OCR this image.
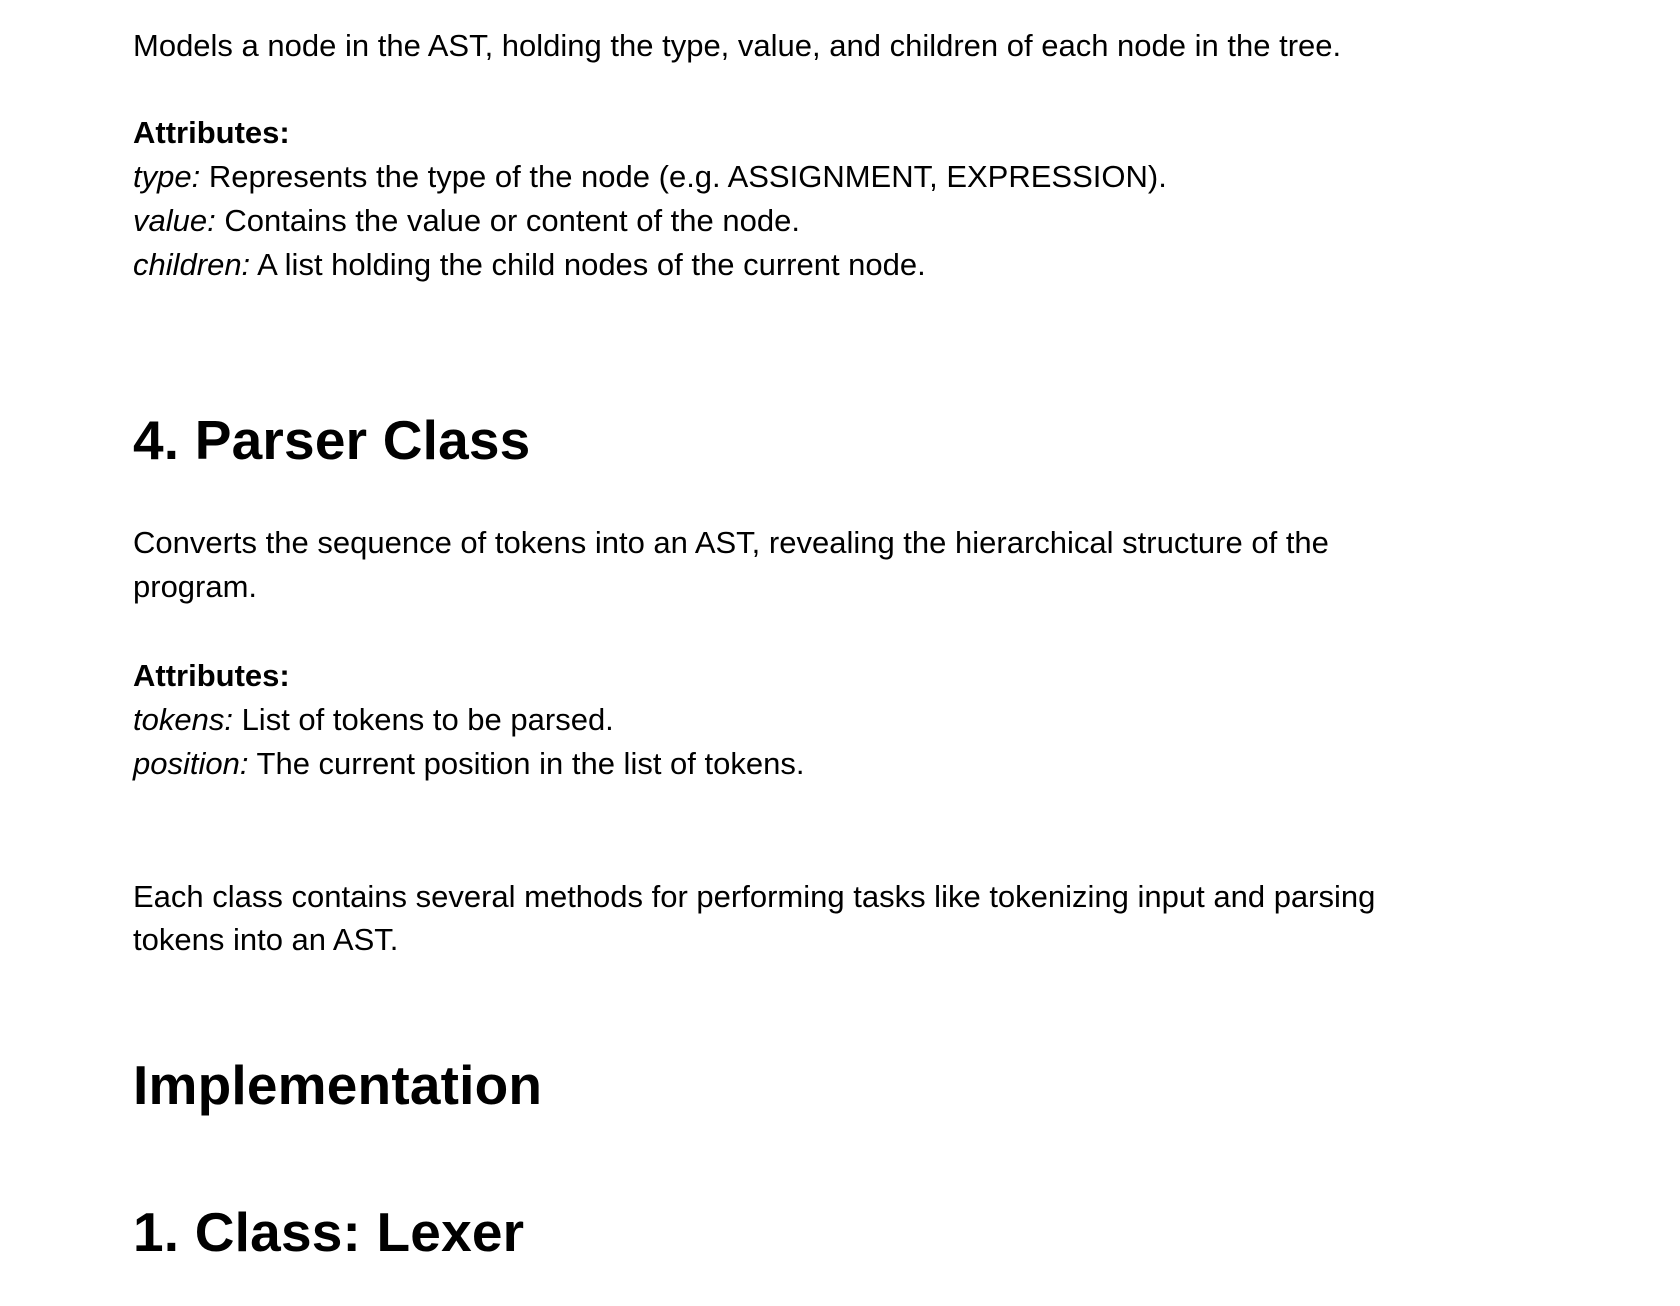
Models a node in the AST, holding the type, value, and children of each node in the tree.

Attributes:

type: Represents the type of the node (e.g. ASSIGNMENT, EXPRESSION).

value: Contains the value or content of the node.

children: A list holding the child nodes of the current node.

4. Parser Class

Converts the sequence of tokens into an AST, revealing the hierarchical structure of the

program.

Attributes:

tokens: List of tokens to be parsed.

position: The current position in the list of tokens.

Each class contains several methods for performing tasks like tokenizing input and parsing

tokens into an AST.

Implementation
1. Class: Lexer
